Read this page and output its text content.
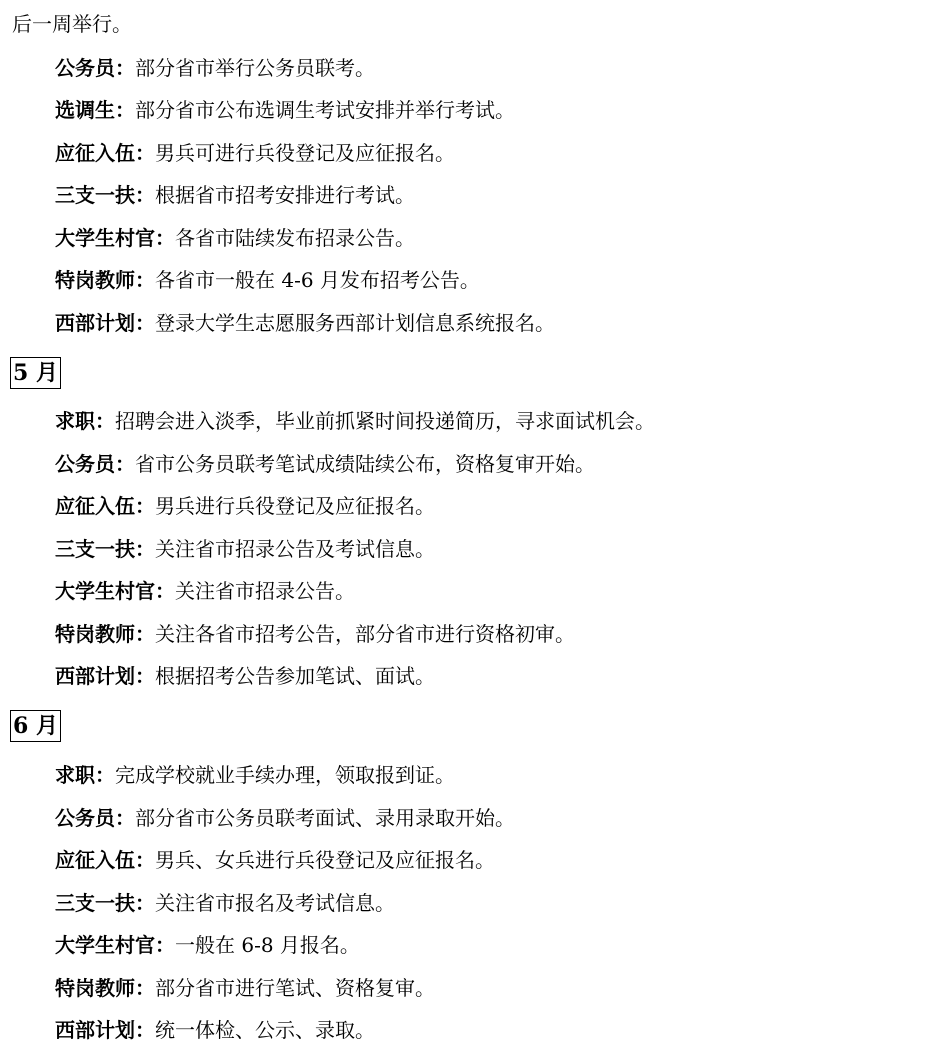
后一周举行。
公务员：部分省市举行公务员联考。
选调生：部分省市公布选调生考试安排并举行考试。
应征入伍：男兵可进行兵役登记及应征报名。
三支一扶：根据省市招考安排进行考试。
大学生村官：各省市陆续发布招录公告。
特岗教师：各省市一般在 4-6 月发布招考公告。
西部计划：登录大学生志愿服务西部计划信息系统报名。
5 月
求职：招聘会进入淡季，毕业前抓紧时间投递简历，寻求面试机会。
公务员：省市公务员联考笔试成绩陆续公布，资格复审开始。
应征入伍：男兵进行兵役登记及应征报名。
三支一扶：关注省市招录公告及考试信息。
大学生村官：关注省市招录公告。
特岗教师：关注各省市招考公告，部分省市进行资格初审。
西部计划：根据招考公告参加笔试、面试。
6 月
求职：完成学校就业手续办理，领取报到证。
公务员：部分省市公务员联考面试、录用录取开始。
应征入伍：男兵、女兵进行兵役登记及应征报名。
三支一扶：关注省市报名及考试信息。
大学生村官：一般在 6-8 月报名。
特岗教师：部分省市进行笔试、资格复审。
西部计划：统一体检、公示、录取。
